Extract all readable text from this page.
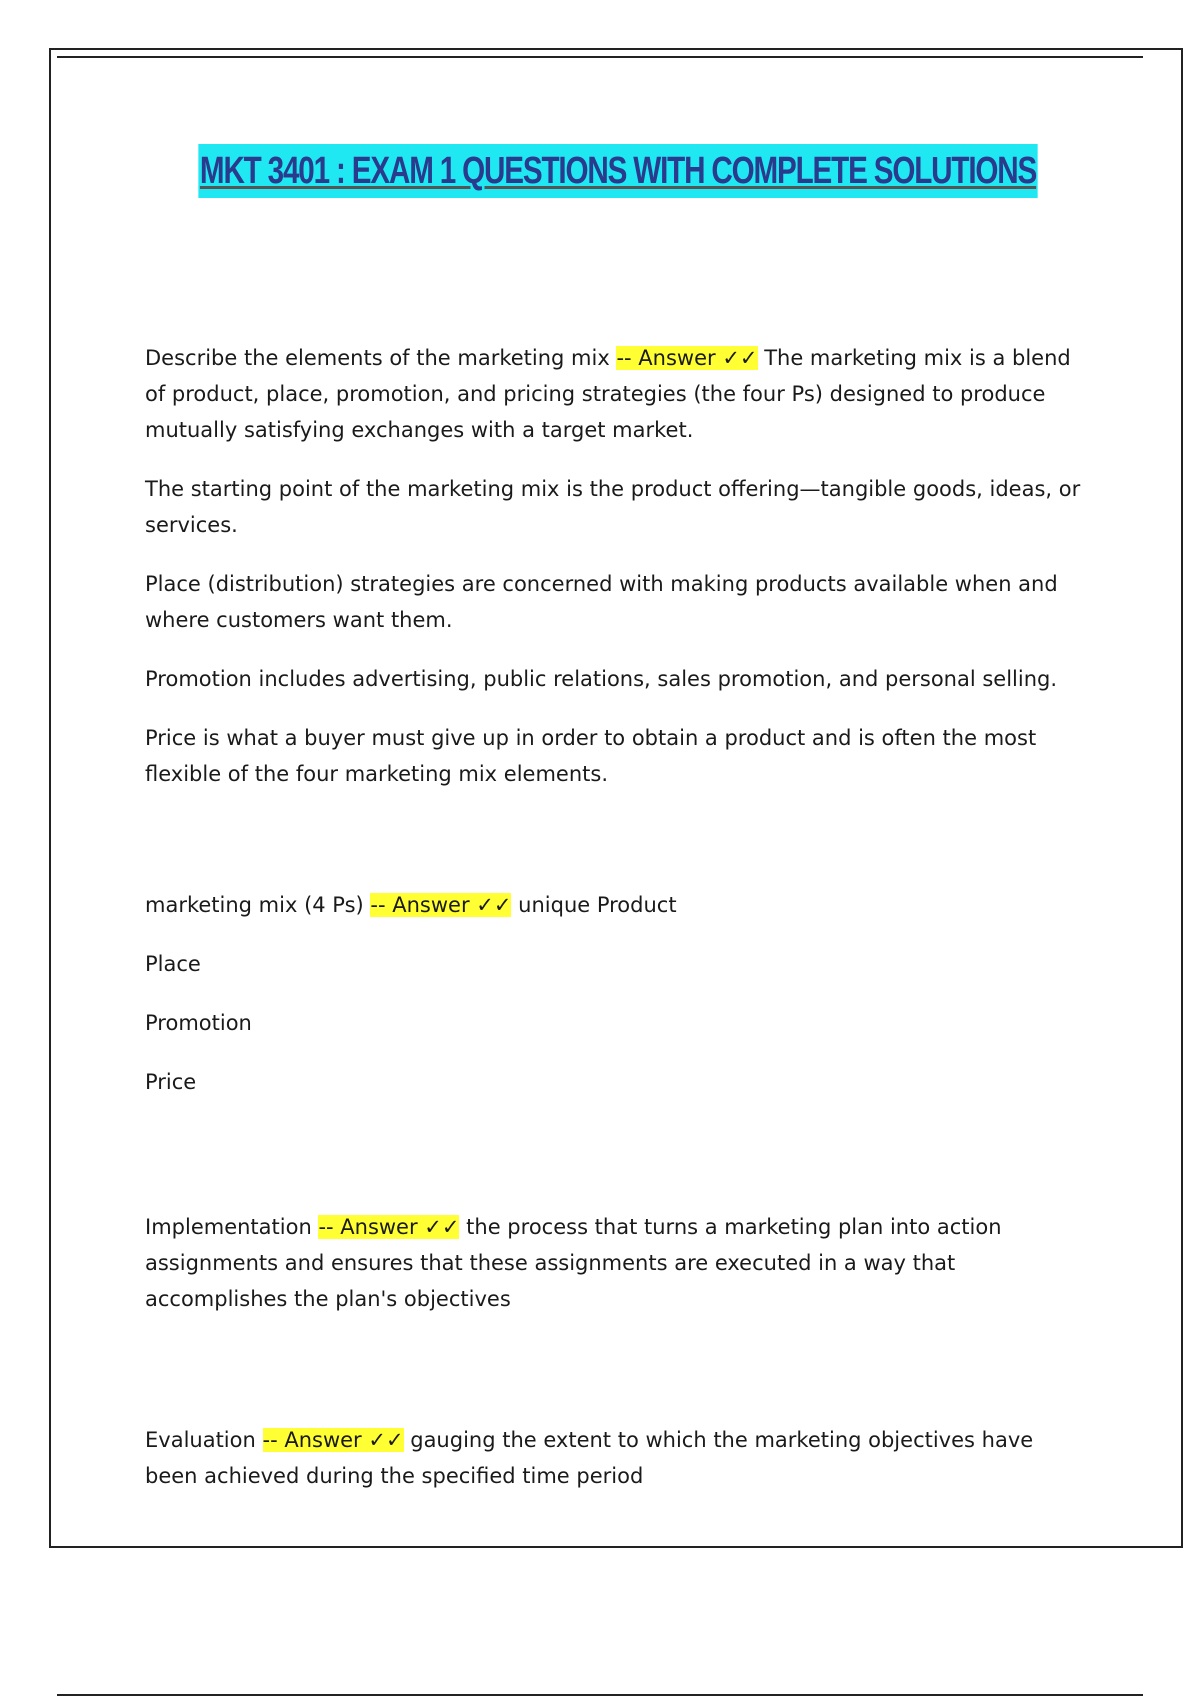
MKT 3401 : EXAM 1 QUESTIONS WITH COMPLETE SOLUTIONS

Describe the elements of the marketing mix -- Answer ✓✓ The marketing mix is a blend of product, place, promotion, and pricing strategies (the four Ps) designed to produce mutually satisfying exchanges with a target market.

The starting point of the marketing mix is the product offering—tangible goods, ideas, or services.

Place (distribution) strategies are concerned with making products available when and where customers want them.

Promotion includes advertising, public relations, sales promotion, and personal selling.

Price is what a buyer must give up in order to obtain a product and is often the most flexible of the four marketing mix elements.

marketing mix (4 Ps) -- Answer ✓✓ unique Product

Place

Promotion

Price

Implementation -- Answer ✓✓ the process that turns a marketing plan into action assignments and ensures that these assignments are executed in a way that accomplishes the plan's objectives

Evaluation -- Answer ✓✓ gauging the extent to which the marketing objectives have been achieved during the specified time period
